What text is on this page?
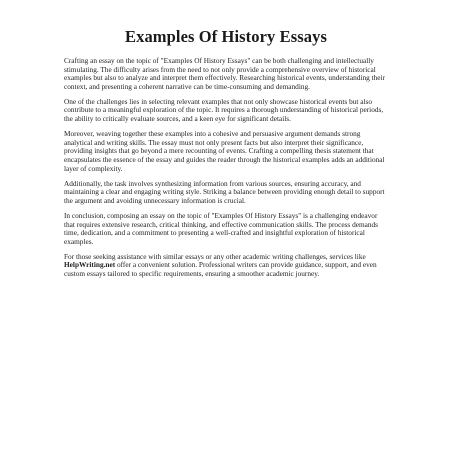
Examples Of History Essays

Crafting an essay on the topic of "Examples Of History Essays" can be both challenging and intellectually stimulating. The difficulty arises from the need to not only provide a comprehensive overview of historical examples but also to analyze and interpret them effectively. Researching historical events, understanding their context, and presenting a coherent narrative can be time-consuming and demanding.

One of the challenges lies in selecting relevant examples that not only showcase historical events but also contribute to a meaningful exploration of the topic. It requires a thorough understanding of historical periods, the ability to critically evaluate sources, and a keen eye for significant details.

Moreover, weaving together these examples into a cohesive and persuasive argument demands strong analytical and writing skills. The essay must not only present facts but also interpret their significance, providing insights that go beyond a mere recounting of events. Crafting a compelling thesis statement that encapsulates the essence of the essay and guides the reader through the historical examples adds an additional layer of complexity.

Additionally, the task involves synthesizing information from various sources, ensuring accuracy, and maintaining a clear and engaging writing style. Striking a balance between providing enough detail to support the argument and avoiding unnecessary information is crucial.

In conclusion, composing an essay on the topic of "Examples Of History Essays" is a challenging endeavor that requires extensive research, critical thinking, and effective communication skills. The process demands time, dedication, and a commitment to presenting a well-crafted and insightful exploration of historical examples.

For those seeking assistance with similar essays or any other academic writing challenges, services like HelpWriting.net offer a convenient solution. Professional writers can provide guidance, support, and even custom essays tailored to specific requirements, ensuring a smoother academic journey.
